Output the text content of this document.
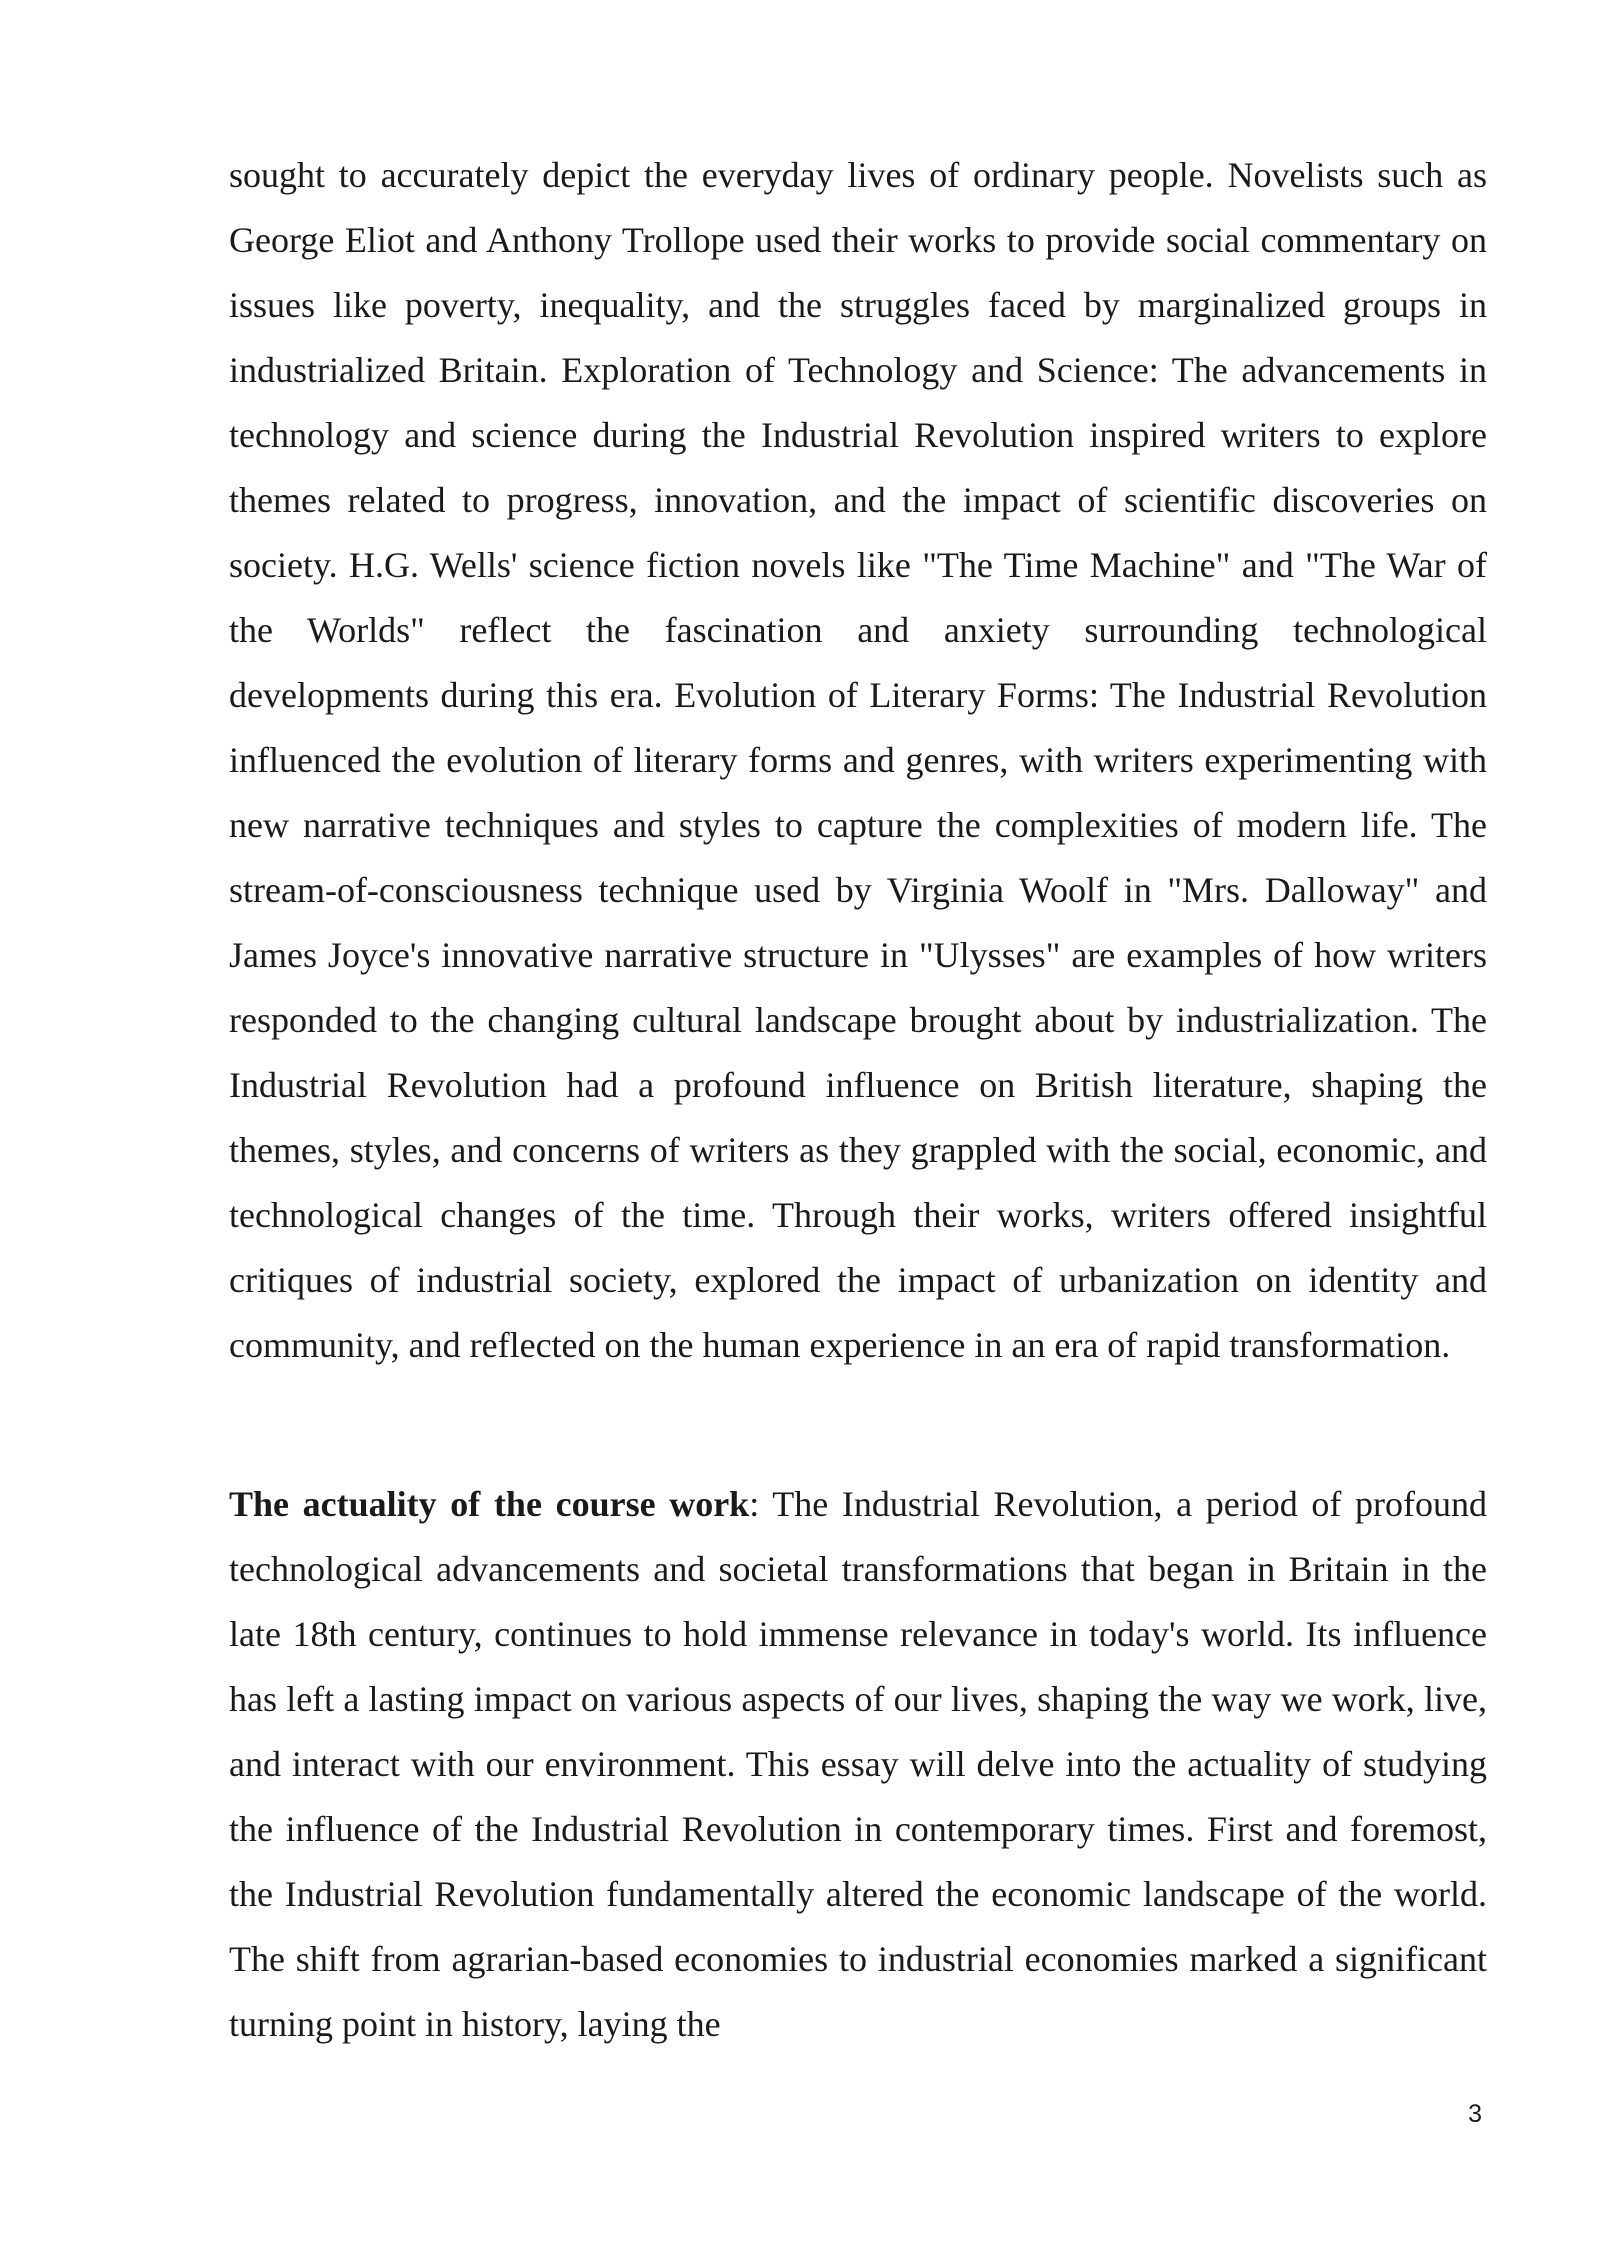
sought to accurately depict the everyday lives of ordinary people. Novelists such as George Eliot and Anthony Trollope used their works to provide social commentary on issues like poverty, inequality, and the struggles faced by marginalized groups in industrialized Britain. Exploration of Technology and Science: The advancements in technology and science during the Industrial Revolution inspired writers to explore themes related to progress, innovation, and the impact of scientific discoveries on society. H.G. Wells' science fiction novels like "The Time Machine" and "The War of the Worlds" reflect the fascination and anxiety surrounding technological developments during this era. Evolution of Literary Forms: The Industrial Revolution influenced the evolution of literary forms and genres, with writers experimenting with new narrative techniques and styles to capture the complexities of modern life. The stream-of-consciousness technique used by Virginia Woolf in "Mrs. Dalloway" and James Joyce's innovative narrative structure in "Ulysses" are examples of how writers responded to the changing cultural landscape brought about by industrialization. The Industrial Revolution had a profound influence on British literature, shaping the themes, styles, and concerns of writers as they grappled with the social, economic, and technological changes of the time. Through their works, writers offered insightful critiques of industrial society, explored the impact of urbanization on identity and community, and reflected on the human experience in an era of rapid transformation.

The actuality of the course work: The Industrial Revolution, a period of profound technological advancements and societal transformations that began in Britain in the late 18th century, continues to hold immense relevance in today's world. Its influence has left a lasting impact on various aspects of our lives, shaping the way we work, live, and interact with our environment. This essay will delve into the actuality of studying the influence of the Industrial Revolution in contemporary times. First and foremost, the Industrial Revolution fundamentally altered the economic landscape of the world. The shift from agrarian-based economies to industrial economies marked a significant turning point in history, laying the

3
